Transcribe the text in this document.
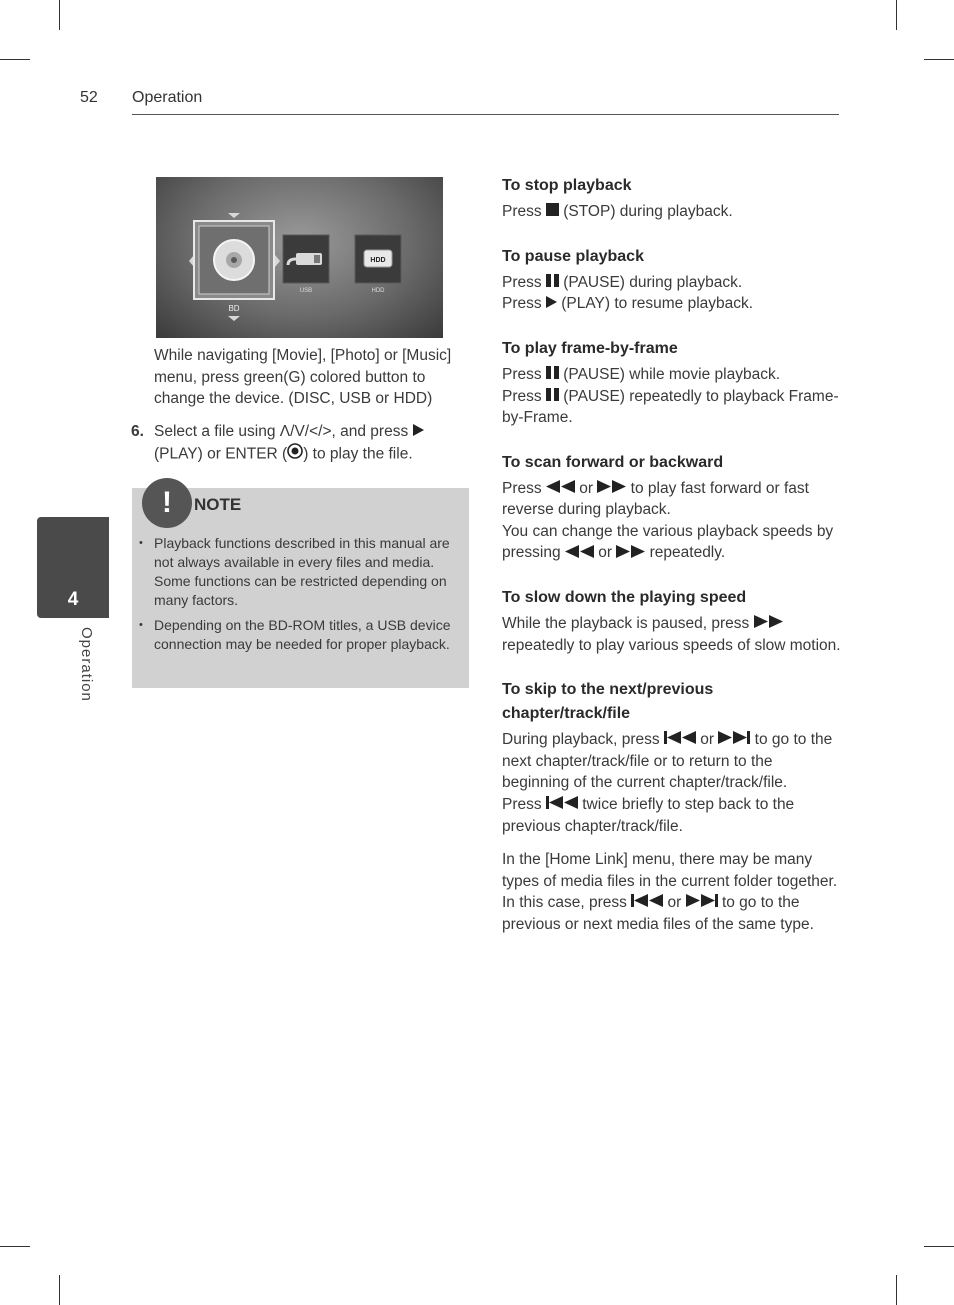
52 Operation
4
Operation
HDD
BD
USB	HDD
While navigating [Movie], [Photo] or [Music] menu, press green(G) colored button to change the device. (DISC, USB or HDD)
6. Select a file using Λ/V/</>, and press  (PLAY) or ENTER ( ) to play the file.
!	NOTE
• Playback functions described in this manual are not always available in every files and media. Some functions can be restricted depending on many factors.
• Depending on the BD-ROM titles, a USB device connection may be needed for proper playback.
To stop playback

Press  (STOP) during playback.

To pause playback

Press  (PAUSE) during playback.
Press  (PLAY) to resume playback.

To play frame-by-frame

Press  (PAUSE) while movie playback.
Press  (PAUSE) repeatedly to playback Frame-by-Frame.

To scan forward or backward

Press  or  to play fast forward or fast reverse during playback.
You can change the various playback speeds by pressing  or  repeatedly.

To slow down the playing speed

While the playback is paused, press  repeatedly to play various speeds of slow motion.

To skip to the next/previous chapter/track/file

During playback, press  or  to go to the next chapter/track/file or to return to the beginning of the current chapter/track/file.
Press  twice briefly to step back to the previous chapter/track/file.

In the [Home Link] menu, there may be many types of media files in the current folder together. In this case, press  or  to go to the previous or next media files of the same type.
